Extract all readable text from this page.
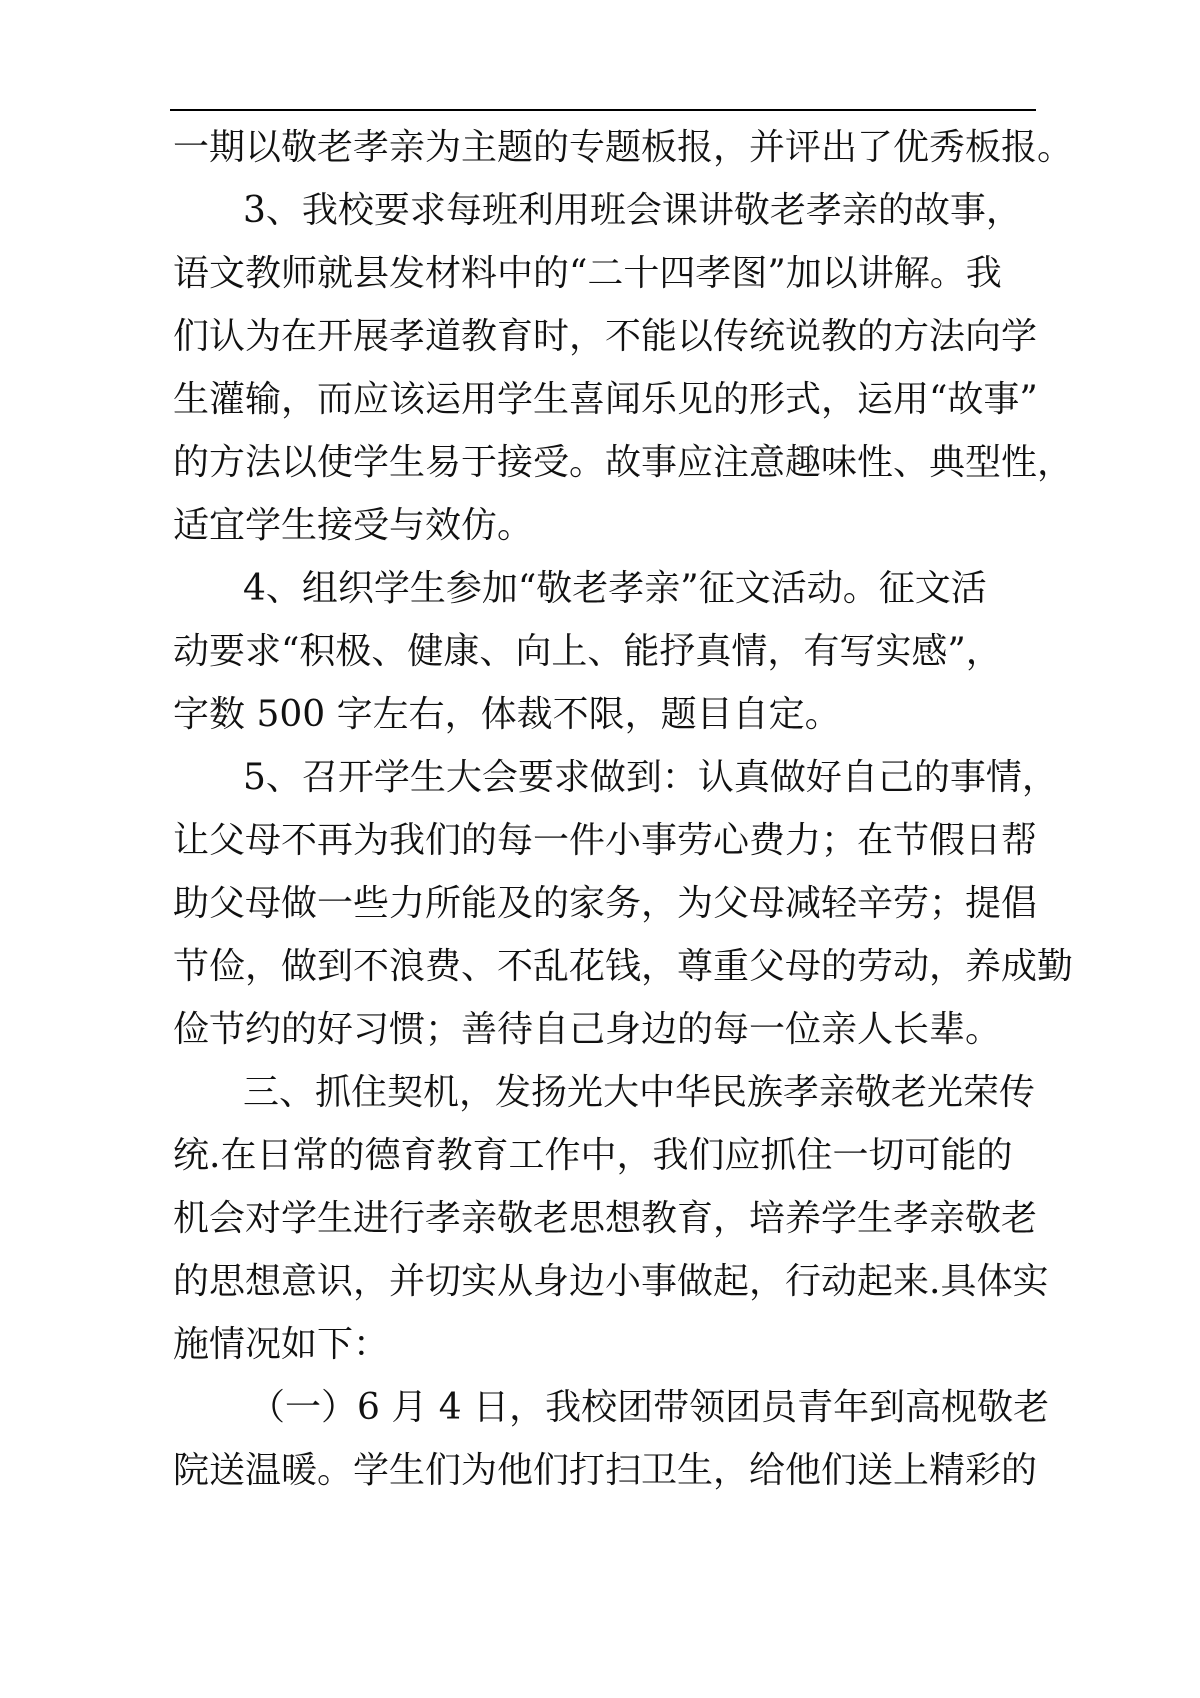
一期以敬老孝亲为主题的专题板报，并评出了优秀板报。
3、我校要求每班利用班会课讲敬老孝亲的故事，
语文教师就县发材料中的“二十四孝图”加以讲解。我
们认为在开展孝道教育时，不能以传统说教的方法向学
生灌输，而应该运用学生喜闻乐见的形式，运用“故事”
的方法以使学生易于接受。故事应注意趣味性、典型性，
适宜学生接受与效仿。
4、组织学生参加“敬老孝亲”征文活动。征文活
动要求“积极、健康、向上、能抒真情，有写实感”，
字数 500 字左右，体裁不限，题目自定。
5、召开学生大会要求做到：认真做好自己的事情，
让父母不再为我们的每一件小事劳心费力；在节假日帮
助父母做一些力所能及的家务，为父母减轻辛劳；提倡
节俭，做到不浪费、不乱花钱，尊重父母的劳动，养成勤
俭节约的好习惯；善待自己身边的每一位亲人长辈。
三、抓住契机，发扬光大中华民族孝亲敬老光荣传
统.在日常的德育教育工作中，我们应抓住一切可能的
机会对学生进行孝亲敬老思想教育，培养学生孝亲敬老
的思想意识，并切实从身边小事做起，行动起来.具体实
施情况如下：
（一）6 月 4 日，我校团带领团员青年到高枧敬老
院送温暖。学生们为他们打扫卫生，给他们送上精彩的
